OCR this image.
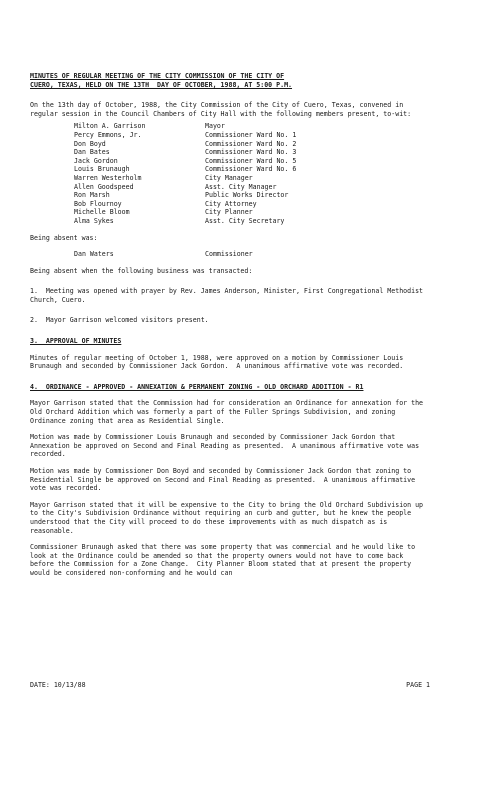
MINUTES OF REGULAR MEETING OF THE CITY COMMISSION OF THE CITY OF

CUERO, TEXAS, HELD ON THE 13TH  DAY OF OCTOBER, 1988, AT 5:00 P.M.

On the 13th day of October, 1988, the City Commission of the City of Cuero, Texas, convened in regular session in the Council Chambers of City Hall with the following members present, to-wit:

Milton A. Garrison	Mayor
Percy Emmons, Jr.	Commissioner Ward No. 1
Don Boyd	Commissioner Ward No. 2
Dan Bates	Commissioner Ward No. 3
Jack Gordon	Commissioner Ward No. 5
Louis Brunaugh	Commissioner Ward No. 6
Warren Westerholm	City Manager
Allen Goodspeed	Asst. City Manager
Ron Marsh	Public Works Director
Bob Flournoy	City Attorney
Michelle Bloom	City Planner
Alma Sykes	Asst. City Secretary

Being absent was:

Dan Waters	Commissioner

Being absent when the following business was transacted:

1.  Meeting was opened with prayer by Rev. James Anderson, Minister, First Congregational Methodist Church, Cuero.

2.  Mayor Garrison welcomed visitors present.

3.  APPROVAL OF MINUTES

Minutes of regular meeting of October 1, 1988, were approved on a motion by Commissioner Louis Brunaugh and seconded by Commissioner Jack Gordon.  A unanimous affirmative vote was recorded.

4.  ORDINANCE - APPROVED - ANNEXATION & PERMANENT ZONING - OLD ORCHARD ADDITION - R1

Mayor Garrison stated that the Commission had for consideration an Ordinance for annexation for the Old Orchard Addition which was formerly a part of the Fuller Springs Subdivision, and zoning Ordinance zoning that area as Residential Single.

Motion was made by Commissioner Louis Brunaugh and seconded by Commissioner Jack Gordon that Annexation be approved on Second and Final Reading as presented.  A unanimous affirmative vote was recorded.

Motion was made by Commissioner Don Boyd and seconded by Commissioner Jack Gordon that zoning to Residential Single be approved on Second and Final Reading as presented.  A unanimous affirmative vote was recorded.

Mayor Garrison stated that it will be expensive to the City to bring the Old Orchard Subdivision up to the City's Subdivision Ordinance without requiring an curb and gutter, but he knew the people understood that the City will proceed to do these improvements with as much dispatch as is reasonable.

Commissioner Brunaugh asked that there was some property that was commercial and he would like to look at the Ordinance could be amended so that the property owners would not have to come back before the Commission for a Zone Change.  City Planner Bloom stated that at present the property would be considered non-conforming and he would can

DATE: 10/13/88	PAGE 1
